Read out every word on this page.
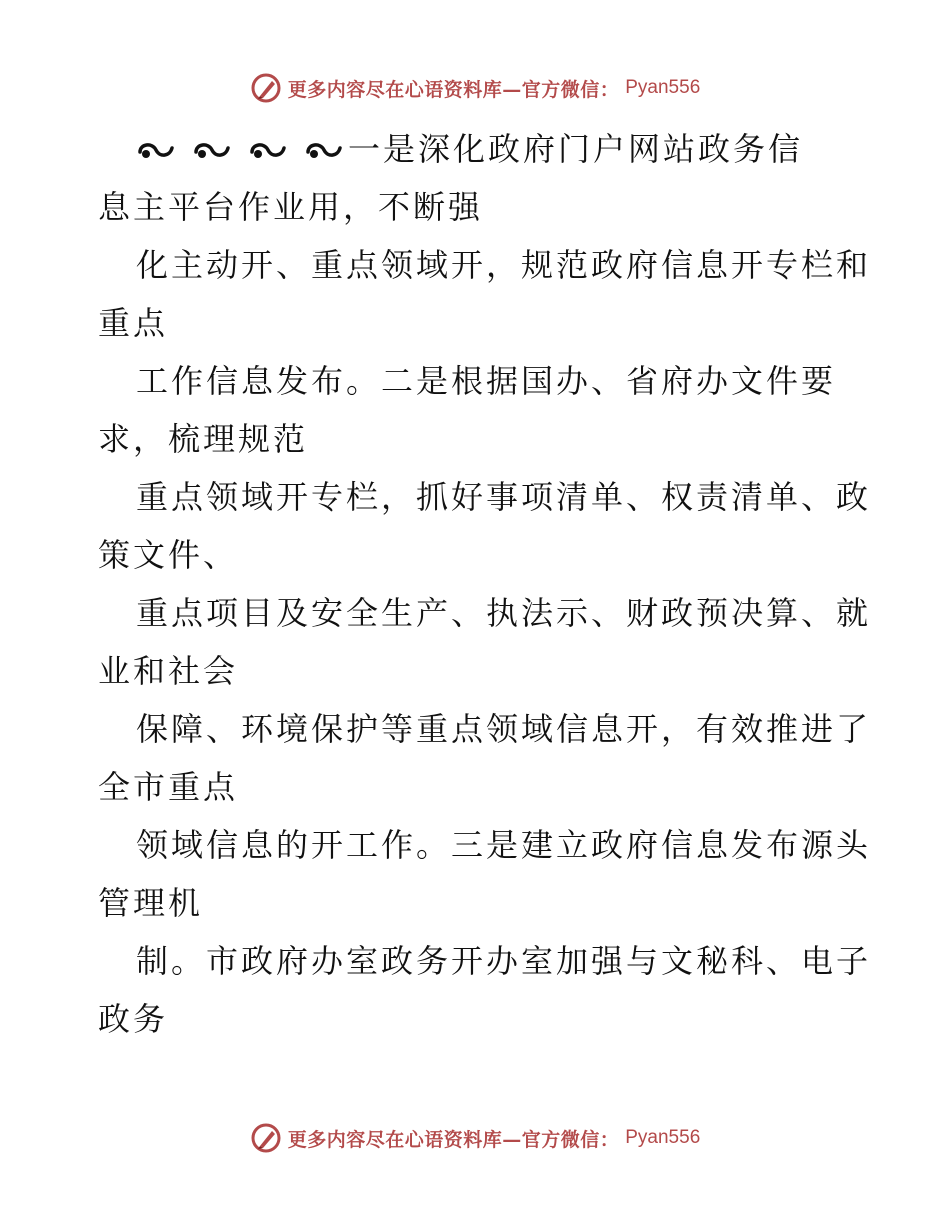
更多内容尽在心语资料库—官方微信： Pyan556
一是深化政府门户网站政务信
息主平台作业用，不断强
化主动开、重点领域开，规范政府信息开专栏和
重点
工作信息发布。二是根据国办、省府办文件要
求，梳理规范
重点领域开专栏，抓好事项清单、权责清单、政
策文件、
重点项目及安全生产、执法示、财政预决算、就
业和社会
保障、环境保护等重点领域信息开，有效推进了
全市重点
领域信息的开工作。三是建立政府信息发布源头
管理机
制。市政府办室政务开办室加强与文秘科、电子
政务
更多内容尽在心语资料库—官方微信： Pyan556
